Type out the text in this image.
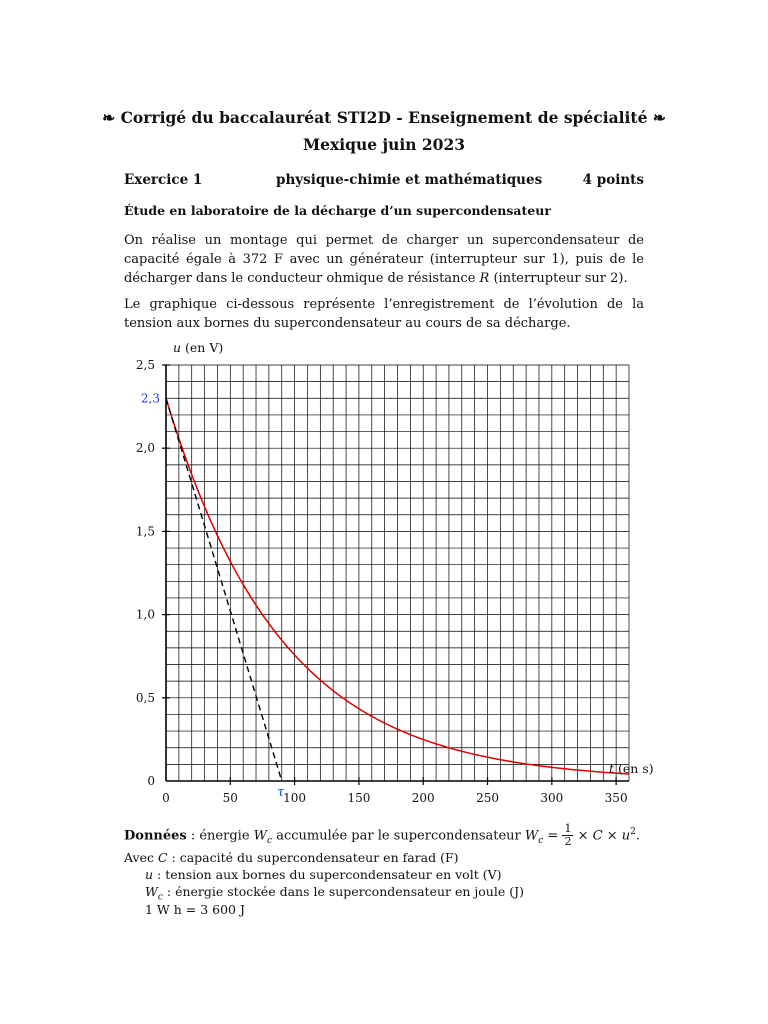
❧ Corrigé du baccalauréat STI2D - Enseignement de spécialité ❧
Mexique juin 2023
Exercice 1	physique-chimie et mathématiques	4 points
Étude en laboratoire de la décharge d’un supercondensateur
On réalise un montage qui permet de charger un supercondensateur de capacité égale à 372 F avec un générateur (interrupteur sur 1), puis de le décharger dans le conducteur ohmique de résistance R (interrupteur sur 2).
Le graphique ci-dessous représente l’enregistrement de l’évolution de la tension aux bornes du supercondensateur au cours de sa décharge.
0	50	100	150	200	250	300	350
0
0,5
1,0
1,5
2,0
2,5
u (en V)
t (en s)
2,3
τ
Données : énergie $W_c$ accumulée par le supercondensateur $W_c = \frac{1}{2} \times C \times u^2$.
Avec C : capacité du supercondensateur en farad (F)
u : tension aux bornes du supercondensateur en volt (V)
$W_c$ : énergie stockée dans le supercondensateur en joule (J)
1 W h = 3 600 J
